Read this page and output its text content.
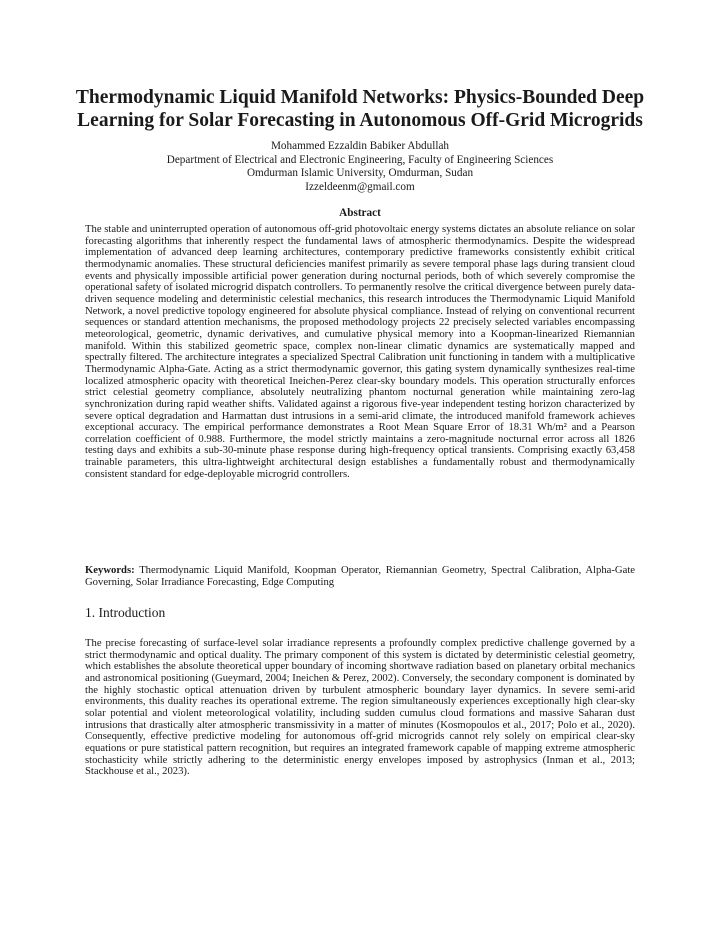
Thermodynamic Liquid Manifold Networks: Physics-Bounded Deep Learning for Solar Forecasting in Autonomous Off-Grid Microgrids
Mohammed Ezzaldin Babiker Abdullah
Department of Electrical and Electronic Engineering, Faculty of Engineering Sciences
Omdurman Islamic University, Omdurman, Sudan
Izzeldeenm@gmail.com
Abstract

The stable and uninterrupted operation of autonomous off-grid photovoltaic energy systems dictates an absolute reliance on solar forecasting algorithms that inherently respect the fundamental laws of atmospheric thermodynamics. Despite the widespread implementation of advanced deep learning architectures, contemporary predictive frameworks consistently exhibit critical thermodynamic anomalies. These structural deficiencies manifest primarily as severe temporal phase lags during transient cloud events and physically impossible artificial power generation during nocturnal periods, both of which severely compromise the operational safety of isolated microgrid dispatch controllers. To permanently resolve the critical divergence between purely data-driven sequence modeling and deterministic celestial mechanics, this research introduces the Thermodynamic Liquid Manifold Network, a novel predictive topology engineered for absolute physical compliance. Instead of relying on conventional recurrent sequences or standard attention mechanisms, the proposed methodology projects 22 precisely selected variables encompassing meteorological, geometric, dynamic derivatives, and cumulative physical memory into a Koopman-linearized Riemannian manifold. Within this stabilized geometric space, complex non-linear climatic dynamics are systematically mapped and spectrally filtered. The architecture integrates a specialized Spectral Calibration unit functioning in tandem with a multiplicative Thermodynamic Alpha-Gate. Acting as a strict thermodynamic governor, this gating system dynamically synthesizes real-time localized atmospheric opacity with theoretical Ineichen-Perez clear-sky boundary models. This operation structurally enforces strict celestial geometry compliance, absolutely neutralizing phantom nocturnal generation while maintaining zero-lag synchronization during rapid weather shifts. Validated against a rigorous five-year independent testing horizon characterized by severe optical degradation and Harmattan dust intrusions in a semi-arid climate, the introduced manifold framework achieves exceptional accuracy. The empirical performance demonstrates a Root Mean Square Error of 18.31 Wh/m² and a Pearson correlation coefficient of 0.988. Furthermore, the model strictly maintains a zero-magnitude nocturnal error across all 1826 testing days and exhibits a sub-30-minute phase response during high-frequency optical transients. Comprising exactly 63,458 trainable parameters, this ultra-lightweight architectural design establishes a fundamentally robust and thermodynamically consistent standard for edge-deployable microgrid controllers.

Keywords: Thermodynamic Liquid Manifold, Koopman Operator, Riemannian Geometry, Spectral Calibration, Alpha-Gate Governing, Solar Irradiance Forecasting, Edge Computing

1. Introduction

The precise forecasting of surface-level solar irradiance represents a profoundly complex predictive challenge governed by a strict thermodynamic and optical duality. The primary component of this system is dictated by deterministic celestial geometry, which establishes the absolute theoretical upper boundary of incoming shortwave radiation based on planetary orbital mechanics and astronomical positioning (Gueymard, 2004; Ineichen & Perez, 2002). Conversely, the secondary component is dominated by the highly stochastic optical attenuation driven by turbulent atmospheric boundary layer dynamics. In severe semi-arid environments, this duality reaches its operational extreme. The region simultaneously experiences exceptionally high clear-sky solar potential and violent meteorological volatility, including sudden cumulus cloud formations and massive Saharan dust intrusions that drastically alter atmospheric transmissivity in a matter of minutes (Kosmopoulos et al., 2017; Polo et al., 2020). Consequently, effective predictive modeling for autonomous off-grid microgrids cannot rely solely on empirical clear-sky equations or pure statistical pattern recognition, but requires an integrated framework capable of mapping extreme atmospheric stochasticity while strictly adhering to the deterministic energy envelopes imposed by astrophysics (Inman et al., 2013; Stackhouse et al., 2023).
